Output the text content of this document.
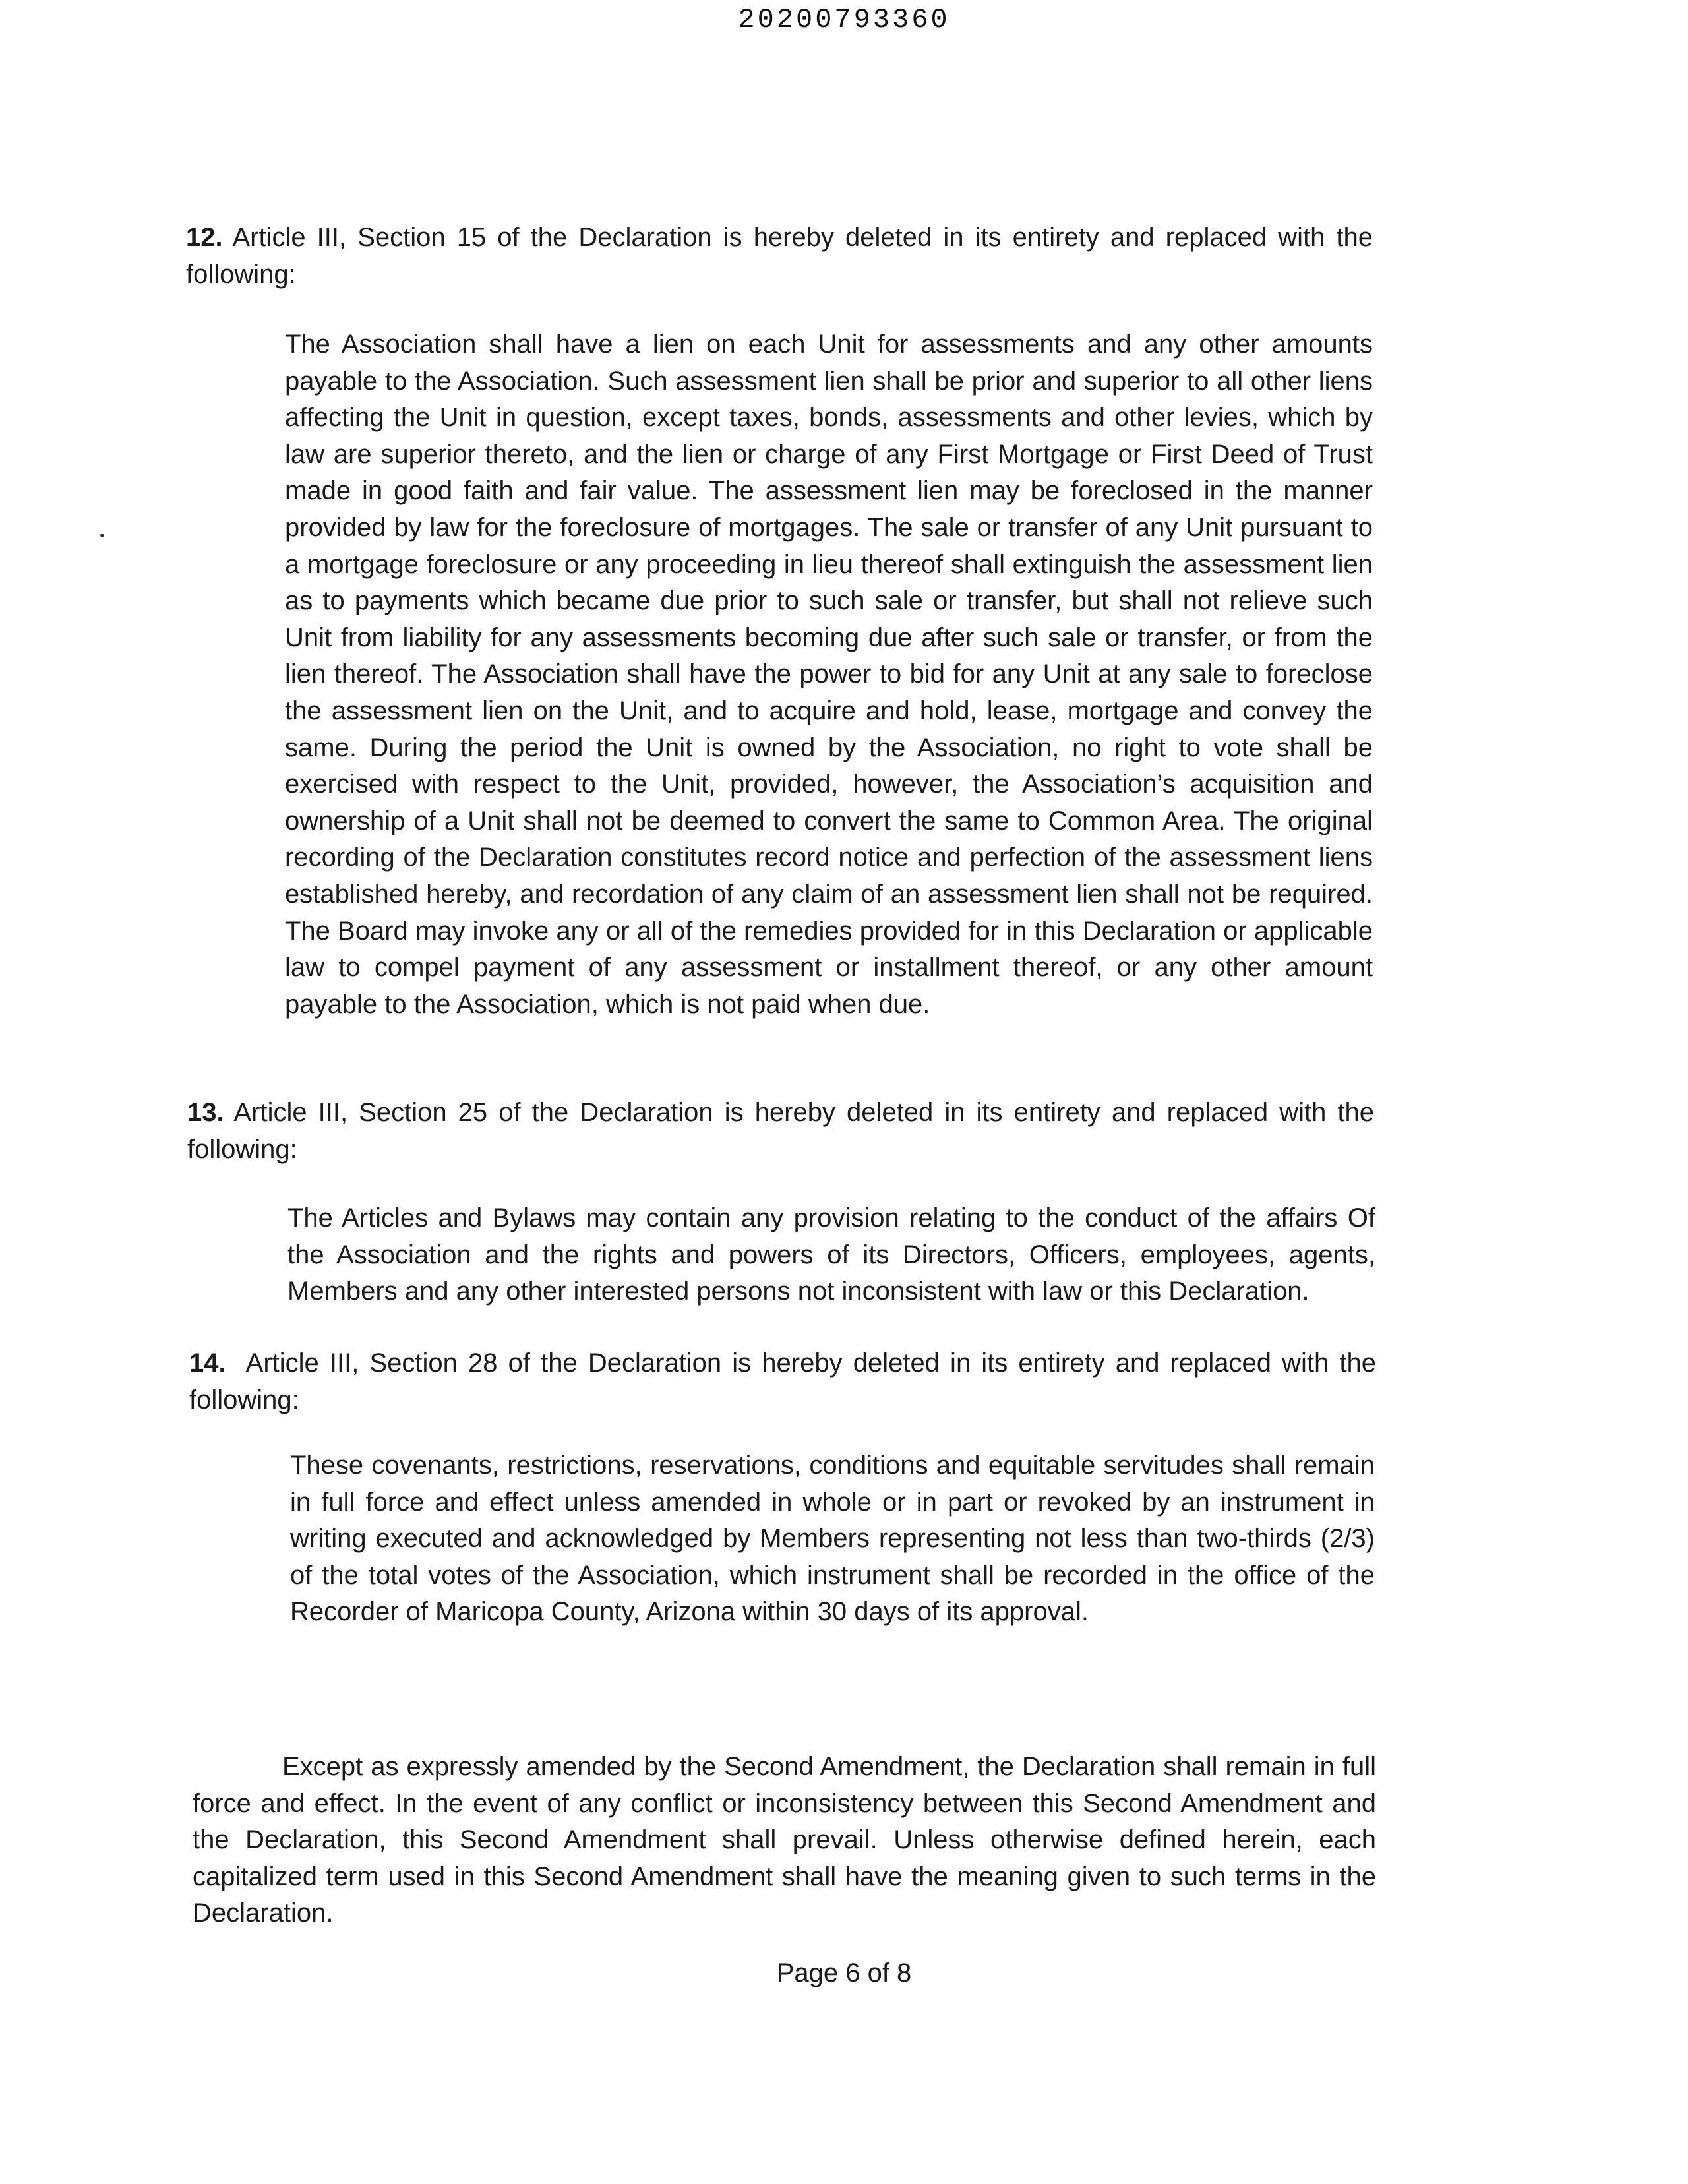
20200793360

12. Article III, Section 15 of the Declaration is hereby deleted in its entirety and replaced with the following:

The Association shall have a lien on each Unit for assessments and any other amounts payable to the Association. Such assessment lien shall be prior and superior to all other liens affecting the Unit in question, except taxes, bonds, assessments and other levies, which by law are superior thereto, and the lien or charge of any First Mortgage or First Deed of Trust made in good faith and fair value. The assessment lien may be foreclosed in the manner provided by law for the foreclosure of mortgages. The sale or transfer of any Unit pursuant to a mortgage foreclosure or any proceeding in lieu thereof shall extinguish the assessment lien as to payments which became due prior to such sale or transfer, but shall not relieve such Unit from liability for any assessments becoming due after such sale or transfer, or from the lien thereof. The Association shall have the power to bid for any Unit at any sale to foreclose the assessment lien on the Unit, and to acquire and hold, lease, mortgage and convey the same. During the period the Unit is owned by the Association, no right to vote shall be exercised with respect to the Unit, provided, however, the Association’s acquisition and ownership of a Unit shall not be deemed to convert the same to Common Area. The original recording of the Declaration constitutes record notice and perfection of the assessment liens established hereby, and recordation of any claim of an assessment lien shall not be required. The Board may invoke any or all of the remedies provided for in this Declaration or applicable law to compel payment of any assessment or installment thereof, or any other amount payable to the Association, which is not paid when due.

13. Article III, Section 25 of the Declaration is hereby deleted in its entirety and replaced with the following:

The Articles and Bylaws may contain any provision relating to the conduct of the affairs Of the Association and the rights and powers of its Directors, Officers, employees, agents, Members and any other interested persons not inconsistent with law or this Declaration.

14.  Article III, Section 28 of the Declaration is hereby deleted in its entirety and replaced with the following:

These covenants, restrictions, reservations, conditions and equitable servitudes shall remain in full force and effect unless amended in whole or in part or revoked by an instrument in writing executed and acknowledged by Members representing not less than two-thirds (2/3) of the total votes of the Association, which instrument shall be recorded in the office of the Recorder of Maricopa County, Arizona within 30 days of its approval.

Except as expressly amended by the Second Amendment, the Declaration shall remain in full force and effect. In the event of any conflict or inconsistency between this Second Amendment and the Declaration, this Second Amendment shall prevail. Unless otherwise defined herein, each capitalized term used in this Second Amendment shall have the meaning given to such terms in the Declaration.

Page 6 of 8
